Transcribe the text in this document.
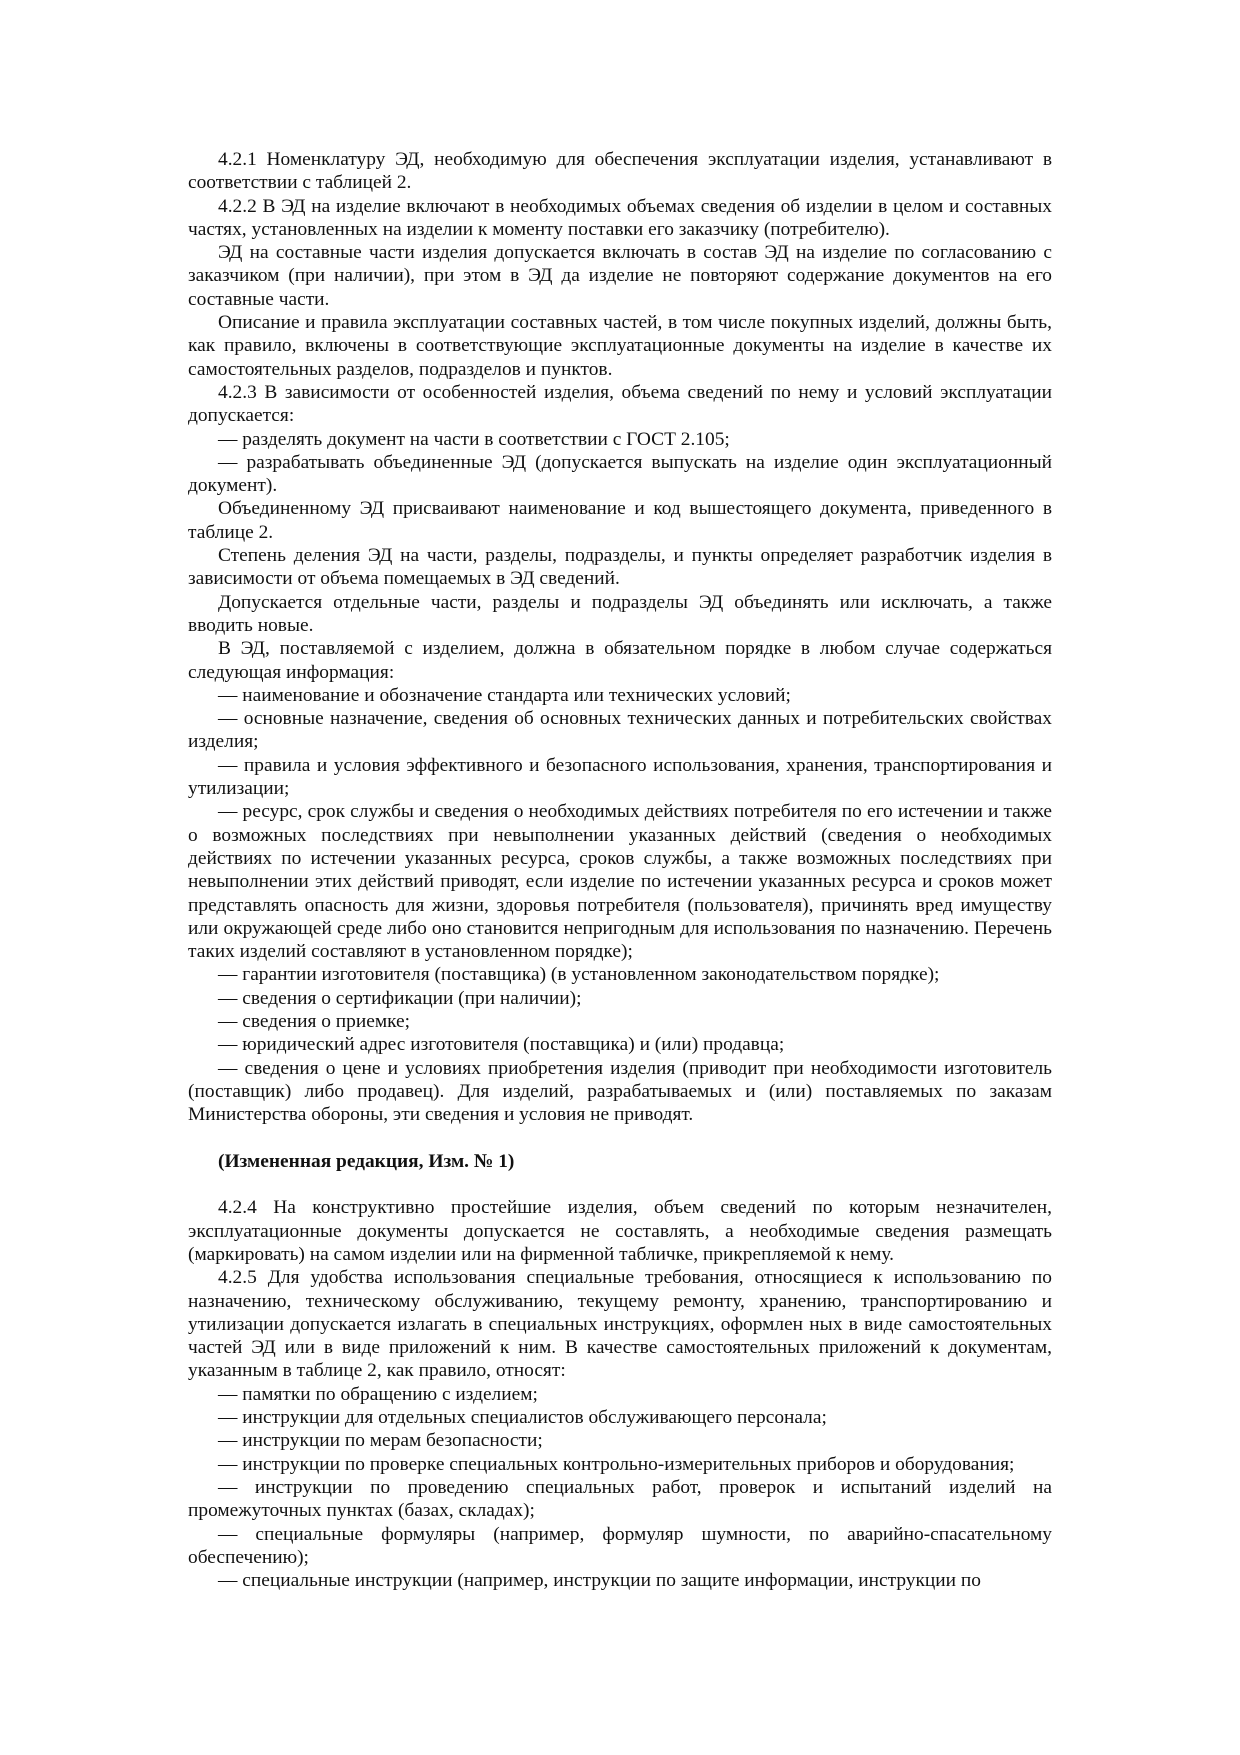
4.2.1 Номенклатуру ЭД, необходимую для обеспечения эксплуатации изделия, устанавливают в соответствии с таблицей 2.

4.2.2 В ЭД на изделие включают в необходимых объемах сведения об изделии в целом и составных частях, установленных на изделии к моменту поставки его заказчику (потребителю).

ЭД на составные части изделия допускается включать в состав ЭД на изделие по согласованию с заказчиком (при наличии), при этом в ЭД да изделие не повторяют содержание документов на его составные части.

Описание и правила эксплуатации составных частей, в том числе покупных изделий, должны быть, как правило, включены в соответствующие эксплуатационные документы на изделие в качестве их самостоятельных разделов, подразделов и пунктов.

4.2.3 В зависимости от особенностей изделия, объема сведений по нему и условий эксплуатации допускается:

— разделять документ на части в соответствии с ГОСТ 2.105;

— разрабатывать объединенные ЭД (допускается выпускать на изделие один эксплуатационный документ).

Объединенному ЭД присваивают наименование и код вышестоящего документа, приведенного в таблице 2.

Степень деления ЭД на части, разделы, подразделы, и пункты определяет разработчик изделия в зависимости от объема помещаемых в ЭД сведений.

Допускается отдельные части, разделы и подразделы ЭД объединять или исключать, а также вводить новые.

В ЭД, поставляемой с изделием, должна в обязательном порядке в любом случае содержаться следующая информация:

— наименование и обозначение стандарта или технических условий;

— основные назначение, сведения об основных технических данных и потребительских свойствах изделия;

— правила и условия эффективного и безопасного использования, хранения, транспортирования и утилизации;

— ресурс, срок службы и сведения о необходимых действиях потребителя по его истечении и также о возможных последствиях при невыполнении указанных действий (сведения о необходимых действиях по истечении указанных ресурса, сроков службы, а также возможных последствиях при невыполнении этих действий приводят, если изделие по истечении указанных ресурса и сроков может представлять опасность для жизни, здоровья потребителя (пользователя), причинять вред имуществу или окружающей среде либо оно становится непригодным для использования по назначению. Перечень таких изделий составляют в установленном порядке);

— гарантии изготовителя (поставщика) (в установленном законодательством порядке);

— сведения о сертификации (при наличии);

— сведения о приемке;

— юридический адрес изготовителя (поставщика) и (или) продавца;

— сведения о цене и условиях приобретения изделия (приводит при необходимости изготовитель (поставщик) либо продавец). Для изделий, разрабатываемых и (или) поставляемых по заказам Министерства обороны, эти сведения и условия не приводят.

(Измененная редакция, Изм. № 1)

4.2.4 На конструктивно простейшие изделия, объем сведений по которым незначителен, эксплуатационные документы допускается не составлять, а необходимые сведения размещать (маркировать) на самом изделии или на фирменной табличке, прикрепляемой к нему.

4.2.5 Для удобства использования специальные требования, относящиеся к использованию по назначению, техническому обслуживанию, текущему ремонту, хранению, транспортированию и утилизации допускается излагать в специальных инструкциях, оформлен ных в виде самостоятельных частей ЭД или в виде приложений к ним. В качестве самостоятельных приложений к документам, указанным в таблице 2, как правило, относят:

— памятки по обращению с изделием;

— инструкции для отдельных специалистов обслуживающего персонала;

— инструкции по мерам безопасности;

— инструкции по проверке специальных контрольно-измерительных приборов и оборудования;

— инструкции по проведению специальных работ, проверок и испытаний изделий на промежуточных пунктах (базах, складах);

— специальные формуляры (например, формуляр шумности, по аварийно-спасательному обеспечению);

— специальные инструкции (например, инструкции по защите информации, инструкции по
